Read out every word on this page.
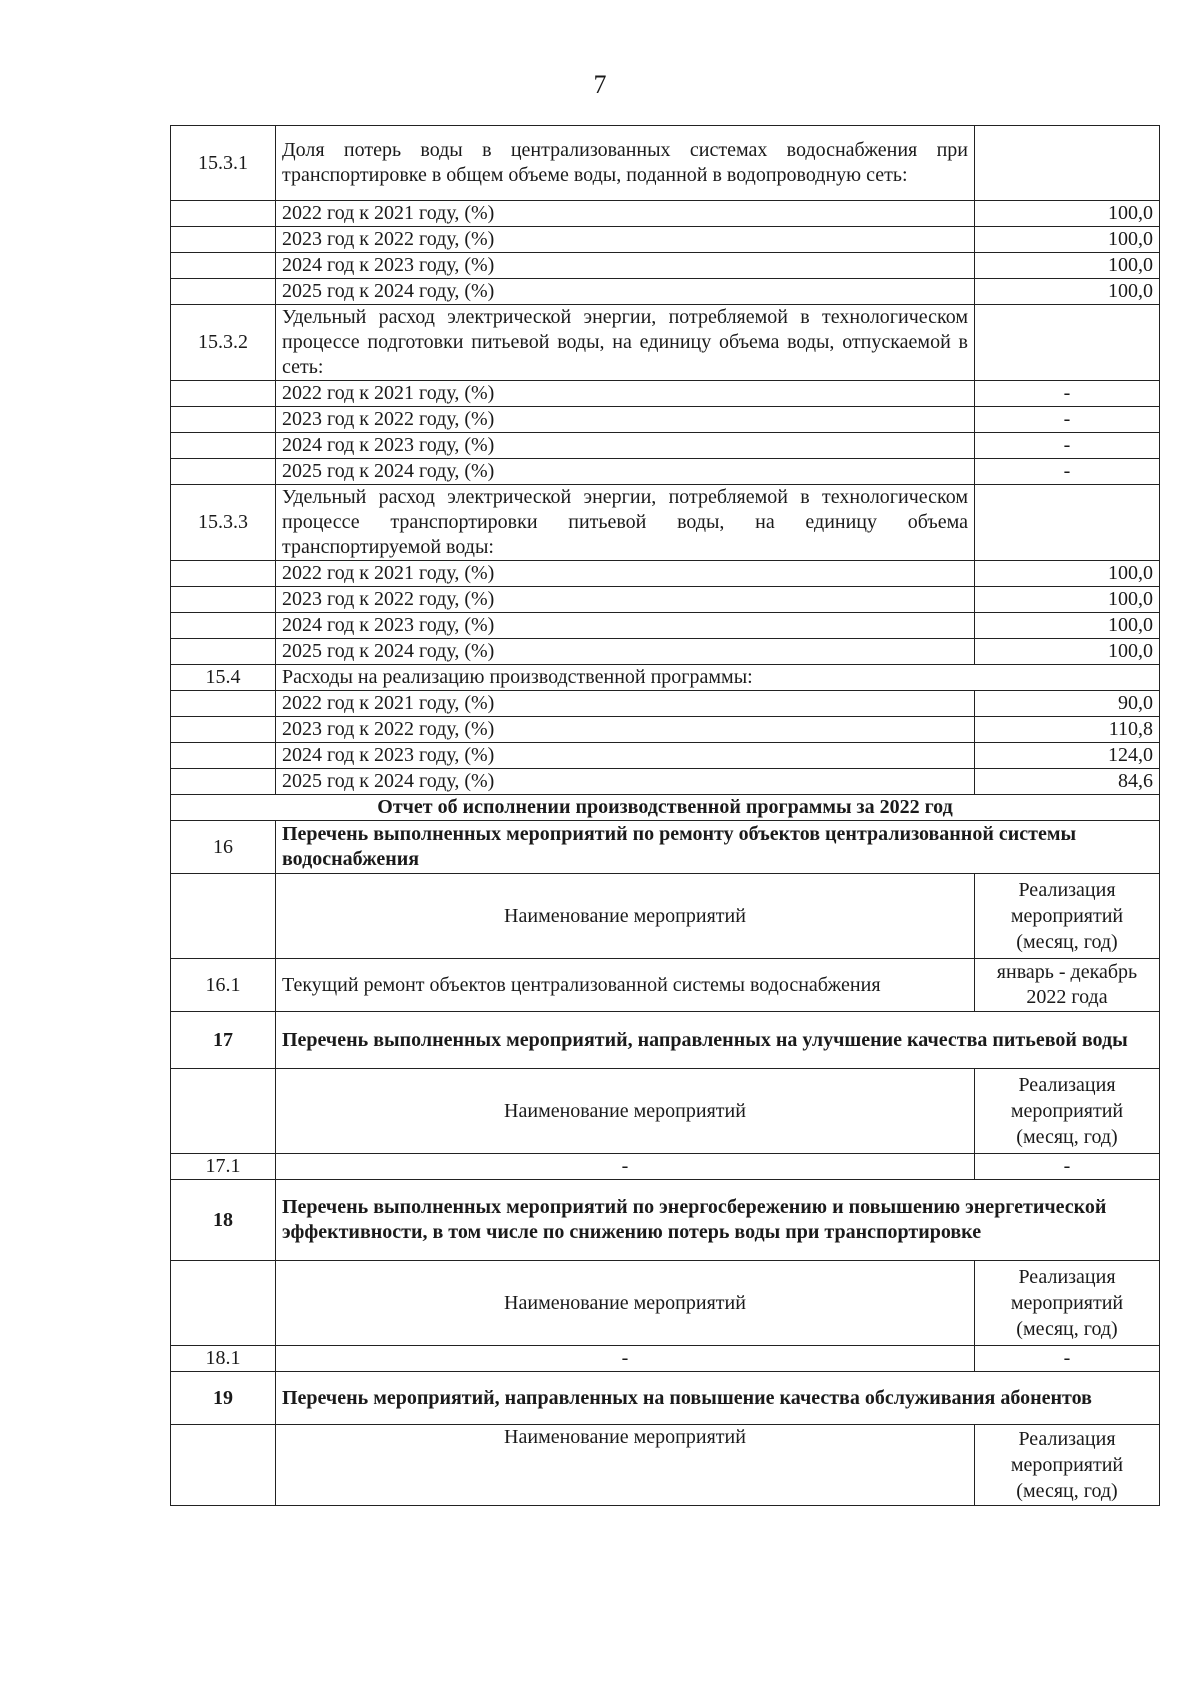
7
15.3.1	Доля потерь воды в централизованных системах водоснабжения при транспортировке в общем объеме воды, поданной в водопроводную сеть:	
	2022 год к 2021 году, (%)	100,0
	2023 год к 2022 году, (%)	100,0
	2024 год к 2023 году, (%)	100,0
	2025 год к 2024 году, (%)	100,0
15.3.2	Удельный расход электрической энергии, потребляемой в технологическом процессе подготовки питьевой воды, на единицу объема воды, отпускаемой в сеть:	
	2022 год к 2021 году, (%)	-
	2023 год к 2022 году, (%)	-
	2024 год к 2023 году, (%)	-
	2025 год к 2024 году, (%)	-
15.3.3	Удельный расход электрической энергии, потребляемой в технологическом процессе транспортировки питьевой воды, на единицу объема транспортируемой воды:	
	2022 год к 2021 году, (%)	100,0
	2023 год к 2022 году, (%)	100,0
	2024 год к 2023 году, (%)	100,0
	2025 год к 2024 году, (%)	100,0
15.4	Расходы на реализацию производственной программы:	
	2022 год к 2021 году, (%)	90,0
	2023 год к 2022 году, (%)	110,8
	2024 год к 2023 году, (%)	124,0
	2025 год к 2024 году, (%)	84,6
Отчет об исполнении производственной программы за 2022 год		
16	Перечень выполненных мероприятий по ремонту объектов централизованной системы водоснабжения	
	Наименование мероприятий	Реализация мероприятий (месяц, год)
16.1	Текущий ремонт объектов централизованной системы водоснабжения	январь - декабрь 2022 года
17	Перечень выполненных мероприятий, направленных на улучшение качества питьевой воды	
	Наименование мероприятий	Реализация мероприятий (месяц, год)
17.1	-	-
18	Перечень выполненных мероприятий по энергосбережению и повышению энергетической эффективности, в том числе по снижению потерь воды при транспортировке	
	Наименование мероприятий	Реализация мероприятий (месяц, год)
18.1	-	-
19	Перечень мероприятий, направленных на повышение качества обслуживания абонентов	
	Наименование мероприятий	Реализация мероприятий (месяц, год)
